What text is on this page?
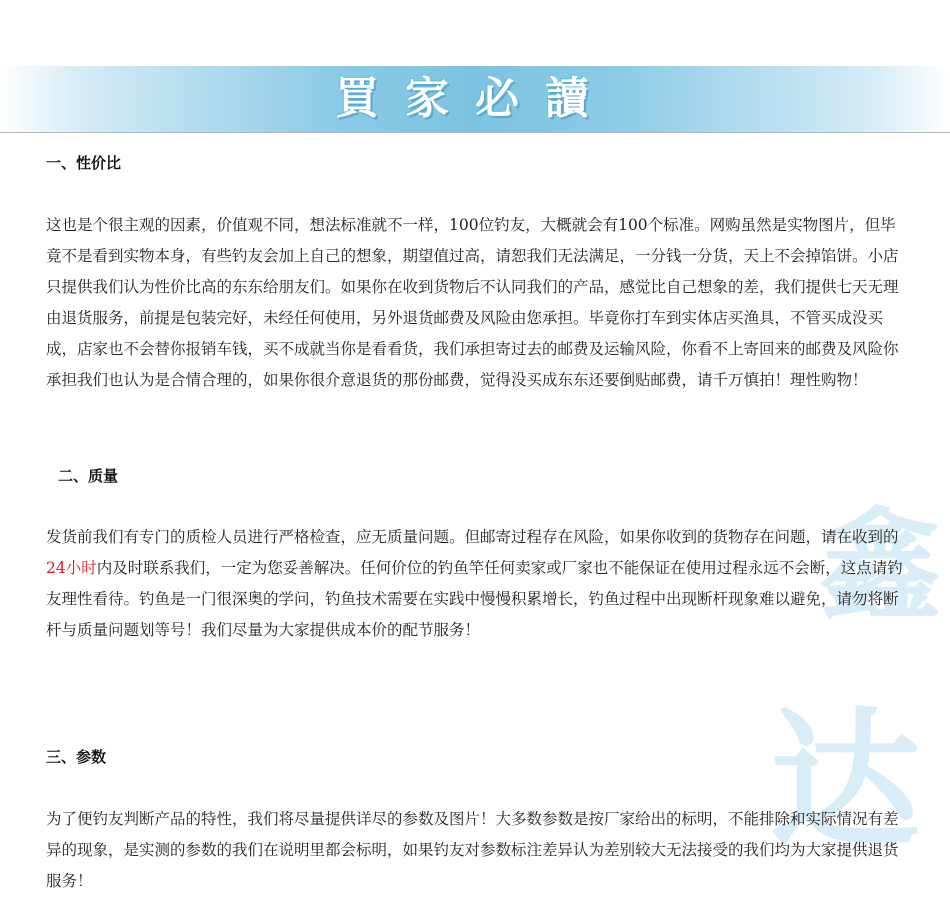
買家必讀
鑫
达
一、性价比
这也是个很主观的因素，价值观不同，想法标准就不一样，100位钓友，大概就会有100个标准。网购虽然是实物图片，但毕竟不是看到实物本身，有些钓友会加上自己的想象，期望值过高，请恕我们无法满足，一分钱一分货，天上不会掉馅饼。小店只提供我们认为性价比高的东东给朋友们。如果你在收到货物后不认同我们的产品，感觉比自己想象的差，我们提供七天无理由退货服务，前提是包装完好，未经任何使用，另外退货邮费及风险由您承担。毕竟你打车到实体店买渔具，不管买成没买成，店家也不会替你报销车钱，买不成就当你是看看货，我们承担寄过去的邮费及运输风险，你看不上寄回来的邮费及风险你承担我们也认为是合情合理的，如果你很介意退货的那份邮费，觉得没买成东东还要倒贴邮费，请千万慎拍！理性购物！
二、质量
发货前我们有专门的质检人员进行严格检查，应无质量问题。但邮寄过程存在风险，如果你收到的货物存在问题，请在收到的24小时内及时联系我们，一定为您妥善解决。任何价位的钓鱼竿任何卖家或厂家也不能保证在使用过程永远不会断，这点请钓友理性看待。钓鱼是一门很深奥的学问，钓鱼技术需要在实践中慢慢积累增长，钓鱼过程中出现断杆现象难以避免，请勿将断杆与质量问题划等号！我们尽量为大家提供成本价的配节服务！
三、参数
为了便钓友判断产品的特性，我们将尽量提供详尽的参数及图片！大多数参数是按厂家给出的标明，不能排除和实际情况有差异的现象，是实测的参数的我们在说明里都会标明，如果钓友对参数标注差异认为差别较大无法接受的我们均为大家提供退货服务！
